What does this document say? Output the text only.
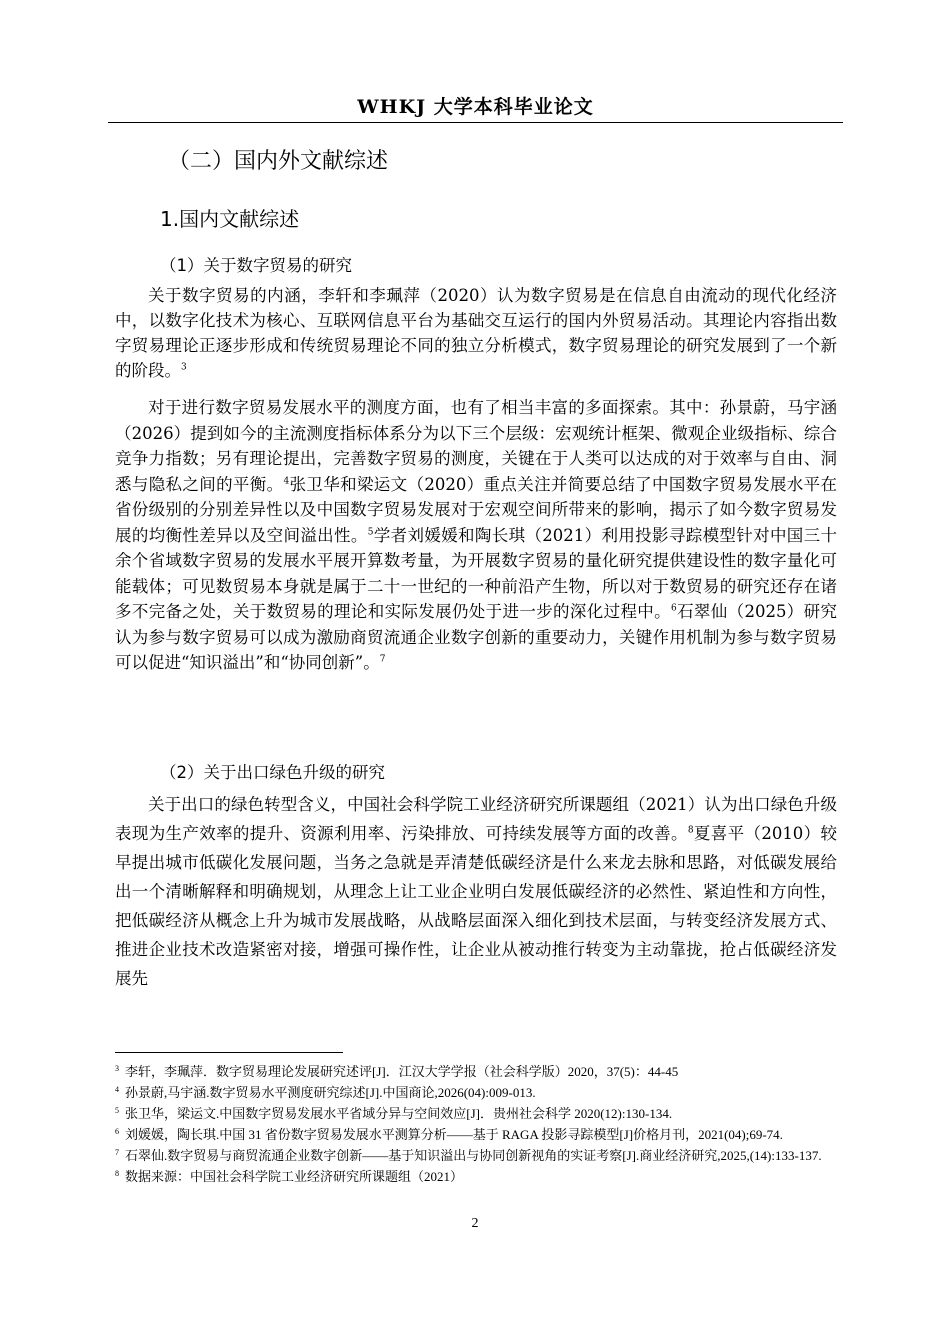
WHKJ 大学本科毕业论文
（二）国内外文献综述
1.国内文献综述
（1）关于数字贸易的研究

关于数字贸易的内涵，李轩和李珮萍（2020）认为数字贸易是在信息自由流动的现代化经济中，以数字化技术为核心、互联网信息平台为基础交互运行的国内外贸易活动。其理论内容指出数字贸易理论正逐步形成和传统贸易理论不同的独立分析模式，数字贸易理论的研究发展到了一个新的阶段。$^3$

对于进行数字贸易发展水平的测度方面，也有了相当丰富的多面探索。其中：孙景蔚，马宇涵（2026）提到如今的主流测度指标体系分为以下三个层级：宏观统计框架、微观企业级指标、综合竞争力指数；另有理论提出，完善数字贸易的测度，关键在于人类可以达成的对于效率与自由、洞悉与隐私之间的平衡。$^4$张卫华和梁运文（2020）重点关注并简要总结了中国数字贸易发展水平在省份级别的分别差异性以及中国数字贸易发展对于宏观空间所带来的影响，揭示了如今数字贸易发展的均衡性差异以及空间溢出性。$^5$学者刘媛媛和陶长琪（2021）利用投影寻踪模型针对中国三十余个省域数字贸易的发展水平展开算数考量，为开展数字贸易的量化研究提供建设性的数字量化可能载体；可见数贸易本身就是属于二十一世纪的一种前沿产生物，所以对于数贸易的研究还存在诸多不完备之处，关于数贸易的理论和实际发展仍处于进一步的深化过程中。$^6$石翠仙（2025）研究认为参与数字贸易可以成为激励商贸流通企业数字创新的重要动力，关键作用机制为参与数字贸易可以促进“知识溢出”和“协同创新”。$^7$

（2）关于出口绿色升级的研究

关于出口的绿色转型含义，中国社会科学院工业经济研究所课题组（2021）认为出口绿色升级表现为生产效率的提升、资源利用率、污染排放、可持续发展等方面的改善。$^8$夏喜平（2010）较早提出城市低碳化发展问题，当务之急就是弄清楚低碳经济是什么来龙去脉和思路，对低碳发展给出一个清晰解释和明确规划，从理念上让工业企业明白发展低碳经济的必然性、紧迫性和方向性，把低碳经济从概念上升为城市发展战略，从战略层面深入细化到技术层面，与转变经济发展方式、推进企业技术改造紧密对接，增强可操作性，让企业从被动推行转变为主动靠拢，抢占低碳经济发展先

$^3$ 李轩，李珮萍．数字贸易理论发展研究述评[J]．江汉大学学报（社会科学版）2020，37(5)：44-45

$^4$ 孙景蔚,马宇涵.数字贸易水平测度研究综述[J].中国商论,2026(04):009-013.

$^5$ 张卫华，梁运文.中国数字贸易发展水平省域分异与空间效应[J]．贵州社会科学 2020(12):130-134.

$^6$ 刘媛媛，陶长琪.中国 31 省份数字贸易发展水平测算分析——基于 RAGA 投影寻踪模型[J]价格月刊，2021(04);69-74.

$^7$ 石翠仙.数字贸易与商贸流通企业数字创新——基于知识溢出与协同创新视角的实证考察[J].商业经济研究,2025,(14):133-137.

$^8$ 数据来源：中国社会科学院工业经济研究所课题组（2021）

2
